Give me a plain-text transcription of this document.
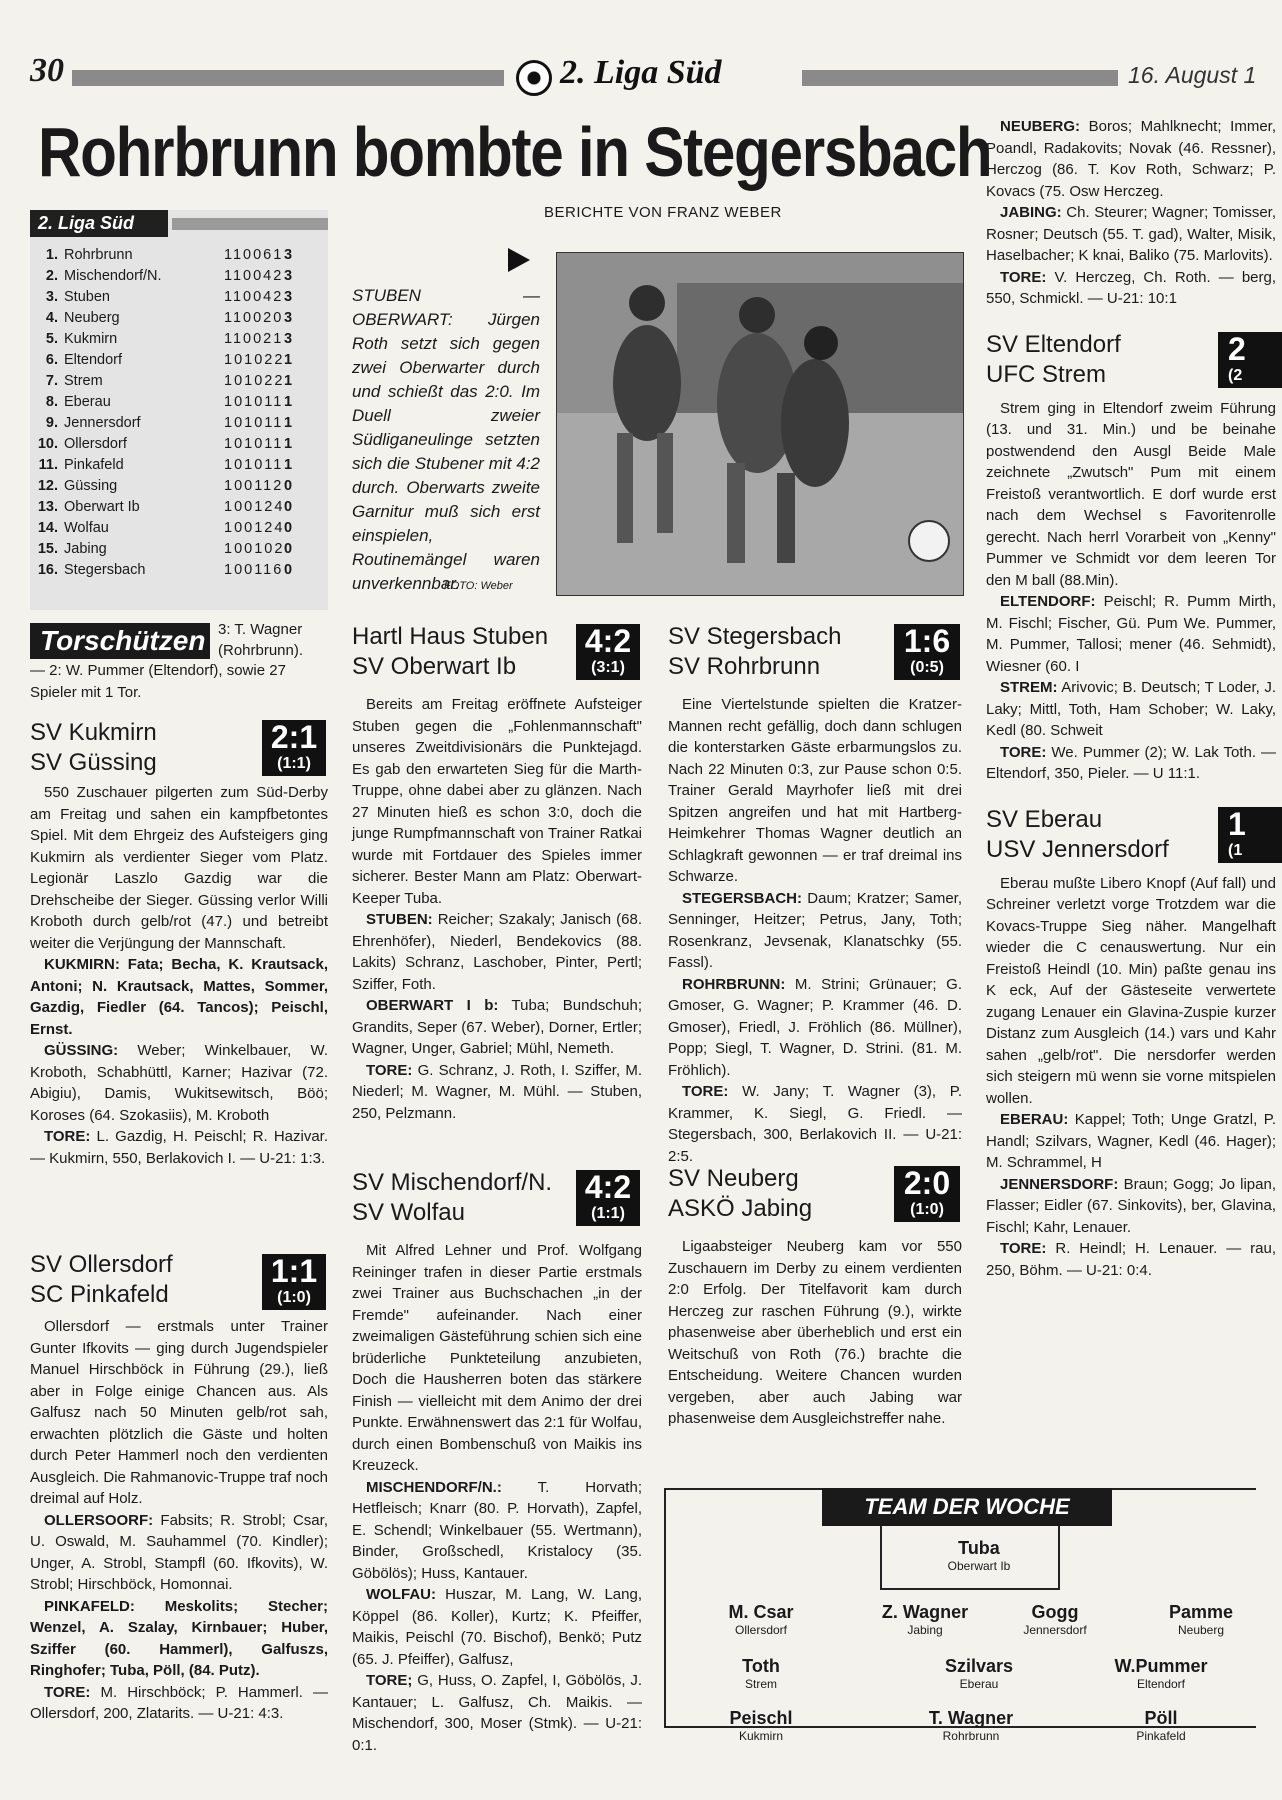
30	2. Liga Süd	16. August 1
Rohrbrunn bombte in Stegersbach
BERICHTE VON FRANZ WEBER
2. Liga Süd
1. Rohrbrunn	110061 3
2. Mischendorf/N.	110042 3
3. Stuben	110042 3
4. Neuberg	110020 3
5. Kukmirn	110021 3
6. Eltendorf	101022 1
7. Strem	101022 1
8. Eberau	101011 1
9. Jennersdorf	101011 1
10. Ollersdorf	101011 1
11. Pinkafeld	101011 1
12. Güssing	100112 0
13. Oberwart Ib	100124 0
14. Wolfau	100124 0
15. Jabing	100102 0
16. Stegersbach	100116 0
STUBEN — OBERWART: Jürgen Roth setzt sich gegen zwei Oberwarter durch und schießt das 2:0. Im Duell zweier Südliganeulinge setzten sich die Stubener mit 4:2 durch. Oberwarts zweite Garnitur muß sich erst einspielen, Routinemängel waren unverkennbar.
FOTO: Weber
Torschützen 3: T. Wagner (Rohrbrunn).
— 2: W. Pummer (Eltendorf), sowie 27 Spieler mit 1 Tor.
SV Kukmirn
SV Güssing
2:1
(1:1)

550 Zuschauer pilgerten zum Süd-Derby am Freitag und sahen ein kampfbetontes Spiel. Mit dem Ehrgeiz des Aufsteigers ging Kukmirn als verdienter Sieger vom Platz. Legionär Laszlo Gazdig war die Drehscheibe der Sieger. Güssing verlor Willi Kroboth durch gelb/rot (47.) und betreibt weiter die Verjüngung der Mannschaft.

KUKMIRN: Fata; Becha, K. Krautsack, Antoni; N. Krautsack, Mattes, Sommer, Gazdig, Fiedler (64. Tancos); Peischl, Ernst.

GÜSSING: Weber; Winkelbauer, W. Kroboth, Schabhüttl, Karner; Hazivar (72. Abigiu), Damis, Wukitsewitsch, Böö; Koroses (64. Szokasiis), M. Kroboth

TORE: L. Gazdig, H. Peischl; R. Hazivar. — Kukmirn, 550, Berlakovich I. — U-21: 1:3.

SV Ollersdorf
SC Pinkafeld
1:1
(1:0)

Ollersdorf — erstmals unter Trainer Gunter Ifkovits — ging durch Jugendspieler Manuel Hirschböck in Führung (29.), ließ aber in Folge einige Chancen aus. Als Galfusz nach 50 Minuten gelb/rot sah, erwachten plötzlich die Gäste und holten durch Peter Hammerl noch den verdienten Ausgleich. Die Rahmanovic-Truppe traf noch dreimal auf Holz.

OLLERSOORF: Fabsits; R. Strobl; Csar, U. Oswald, M. Sauhammel (70. Kindler); Unger, A. Strobl, Stampfl (60. Ifkovits), W. Strobl; Hirschböck, Homonnai.

PINKAFELD: Meskolits; Stecher; Wenzel, A. Szalay, Kirnbauer; Huber, Sziffer (60. Hammerl), Galfuszs, Ringhofer; Tuba, Pöll, (84. Putz).

TORE: M. Hirschböck; P. Hammerl. — Ollersdorf, 200, Zlatarits. — U-21: 4:3.

Hartl Haus Stuben
SV Oberwart Ib
4:2
(3:1)

Bereits am Freitag eröffnete Aufsteiger Stuben gegen die „Fohlenmannschaft" unseres Zweitdivisionärs die Punktejagd. Es gab den erwarteten Sieg für die Marth-Truppe, ohne dabei aber zu glänzen. Nach 27 Minuten hieß es schon 3:0, doch die junge Rumpfmannschaft von Trainer Ratkai wurde mit Fortdauer des Spieles immer sicherer. Bester Mann am Platz: Oberwart-Keeper Tuba.

STUBEN: Reicher; Szakaly; Janisch (68. Ehrenhöfer), Niederl, Bendekovics (88. Lakits) Schranz, Laschober, Pinter, Pertl; Sziffer, Foth.

OBERWART I b: Tuba; Bundschuh; Grandits, Seper (67. Weber), Dorner, Ertler; Wagner, Unger, Gabriel; Mühl, Nemeth.

TORE: G. Schranz, J. Roth, I. Sziffer, M. Niederl; M. Wagner, M. Mühl. — Stuben, 250, Pelzmann.

SV Mischendorf/N.
SV Wolfau
4:2
(1:1)

Mit Alfred Lehner und Prof. Wolfgang Reininger trafen in dieser Partie erstmals zwei Trainer aus Buchschachen „in der Fremde" aufeinander. Nach einer zweimaligen Gästeführung schien sich eine brüderliche Punkteteilung anzubieten, Doch die Hausherren boten das stärkere Finish — vielleicht mit dem Animo der drei Punkte. Erwähnenswert das 2:1 für Wolfau, durch einen Bombenschuß von Maikis ins Kreuzeck.

MISCHENDORF/N.: T. Horvath; Hetfleisch; Knarr (80. P. Horvath), Zapfel, E. Schendl; Winkelbauer (55. Wertmann), Binder, Großschedl, Kristalocy (35. Göbölös); Huss, Kantauer.

WOLFAU: Huszar, M. Lang, W. Lang, Köppel (86. Koller), Kurtz; K. Pfeiffer, Maikis, Peischl (70. Bischof), Benkö; Putz (65. J. Pfeiffer), Galfusz,

TORE; G, Huss, O. Zapfel, I, Göbölös, J. Kantauer; L. Galfusz, Ch. Maikis. — Mischendorf, 300, Moser (Stmk). — U-21: 0:1.

SV Stegersbach
SV Rohrbrunn
1:6
(0:5)

Eine Viertelstunde spielten die Kratzer-Mannen recht gefällig, doch dann schlugen die konterstarken Gäste erbarmungslos zu. Nach 22 Minuten 0:3, zur Pause schon 0:5. Trainer Gerald Mayrhofer ließ mit drei Spitzen angreifen und hat mit Hartberg-Heimkehrer Thomas Wagner deutlich an Schlagkraft gewonnen — er traf dreimal ins Schwarze.

STEGERSBACH: Daum; Kratzer; Samer, Senninger, Heitzer; Petrus, Jany, Toth; Rosenkranz, Jevsenak, Klanatschky (55. Fassl).

ROHRBRUNN: M. Strini; Grünauer; G. Gmoser, G. Wagner; P. Krammer (46. D. Gmoser), Friedl, J. Fröhlich (86. Müllner), Popp; Siegl, T. Wagner, D. Strini. (81. M. Fröhlich).

TORE: W. Jany; T. Wagner (3), P. Krammer, K. Siegl, G. Friedl. — Stegersbach, 300, Berlakovich II. — U-21: 2:5.

SV Neuberg
ASKÖ Jabing
2:0
(1:0)

Ligaabsteiger Neuberg kam vor 550 Zuschauern im Derby zu einem verdienten 2:0 Erfolg. Der Titelfavorit kam durch Herczeg zur raschen Führung (9.), wirkte phasenweise aber überheblich und erst ein Weitschuß von Roth (76.) brachte die Entscheidung. Weitere Chancen wurden vergeben, aber auch Jabing war phasenweise dem Ausgleichstreffer nahe.

TEAM DER WOCHE
Tuba
Oberwart Ib
M. Csar
Ollersdorf
Z. Wagner
Jabing
Gogg
Jennersdorf
Pamme
Neuberg
Toth
Strem
Szilvars
Eberau
W.Pummer
Eltendorf
Peischl
Kukmirn
T. Wagner
Rohrbrunn
Pöll
Pinkafeld

NEUBERG: Boros; Mahlknecht; Immer, Poandl, Radakovits; Novak (46. Ressner), Herczog (86. T. Kov Roth, Schwarz; P. Kovacs (75. Osw Herczeg.

JABING: Ch. Steurer; Wagner; Tomisser, Rosner; Deutsch (55. T. gad), Walter, Misik, Haselbacher; K knai, Baliko (75. Marlovits).

TORE: V. Herczeg, Ch. Roth. — berg, 550, Schmickl. — U-21: 10:1

SV Eltendorf
UFC Strem
2
(2

Strem ging in Eltendorf zweim Führung (13. und 31. Min.) und be beinahe postwendend den Ausgl Beide Male zeichnete „Zwutsch" Pum mit einem Freistoß verantwortlich. E dorf wurde erst nach dem Wechsel s Favoritenrolle gerecht. Nach herrl Vorarbeit von „Kenny" Pummer ve Schmidt vor dem leeren Tor den M ball (88.Min).

ELTENDORF: Peischl; R. Pumm Mirth, M. Fischl; Fischer, Gü. Pum We. Pummer, M. Pummer, Tallosi; mener (46. Sehmidt), Wiesner (60. I

STREM: Arivovic; B. Deutsch; T Loder, J. Laky; Mittl, Toth, Ham Schober; W. Laky, Kedl (80. Schweit

TORE: We. Pummer (2); W. Lak Toth. — Eltendorf, 350, Pieler. — U 11:1.

SV Eberau
USV Jennersdorf
1
(1

Eberau mußte Libero Knopf (Auf fall) und Schreiner verletzt vorge Trotzdem war die Kovacs-Truppe Sieg näher. Mangelhaft wieder die C cenauswertung. Nur ein Freistoß Heindl (10. Min) paßte genau ins K eck, Auf der Gästeseite verwertete zugang Lenauer ein Glavina-Zuspie kurzer Distanz zum Ausgleich (14.) vars und Kahr sahen „gelb/rot". Die nersdorfer werden sich steigern mü wenn sie vorne mitspielen wollen.

EBERAU: Kappel; Toth; Unge Gratzl, P. Handl; Szilvars, Wagner, Kedl (46. Hager); M. Schrammel, H

JENNERSDORF: Braun; Gogg; Jo lipan, Flasser; Eidler (67. Sinkovits), ber, Glavina, Fischl; Kahr, Lenauer.

TORE: R. Heindl; H. Lenauer. — rau, 250, Böhm. — U-21: 0:4.
